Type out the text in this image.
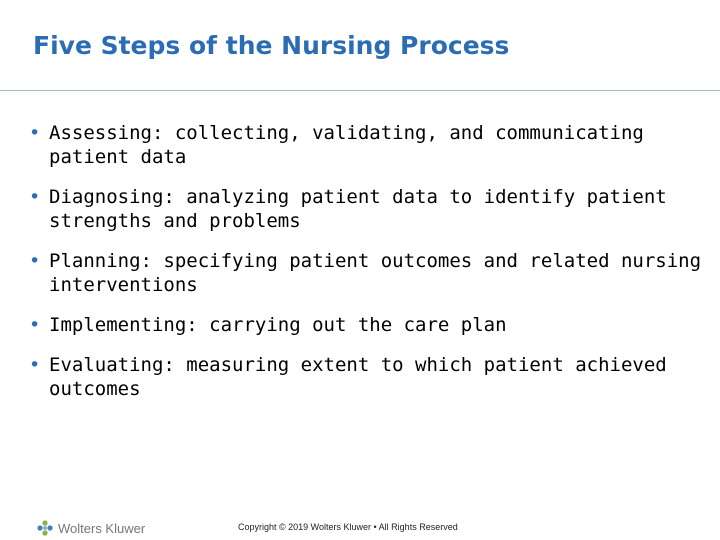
Five Steps of the Nursing Process
• Assessing: collecting, validating, and communicating patient data
• Diagnosing: analyzing patient data to identify patient strengths and problems
• Planning: specifying patient outcomes and related nursing interventions
• Implementing: carrying out the care plan
• Evaluating: measuring extent to which patient achieved outcomes
Wolters Kluwer	Copyright © 2019 Wolters Kluwer • All Rights Reserved
